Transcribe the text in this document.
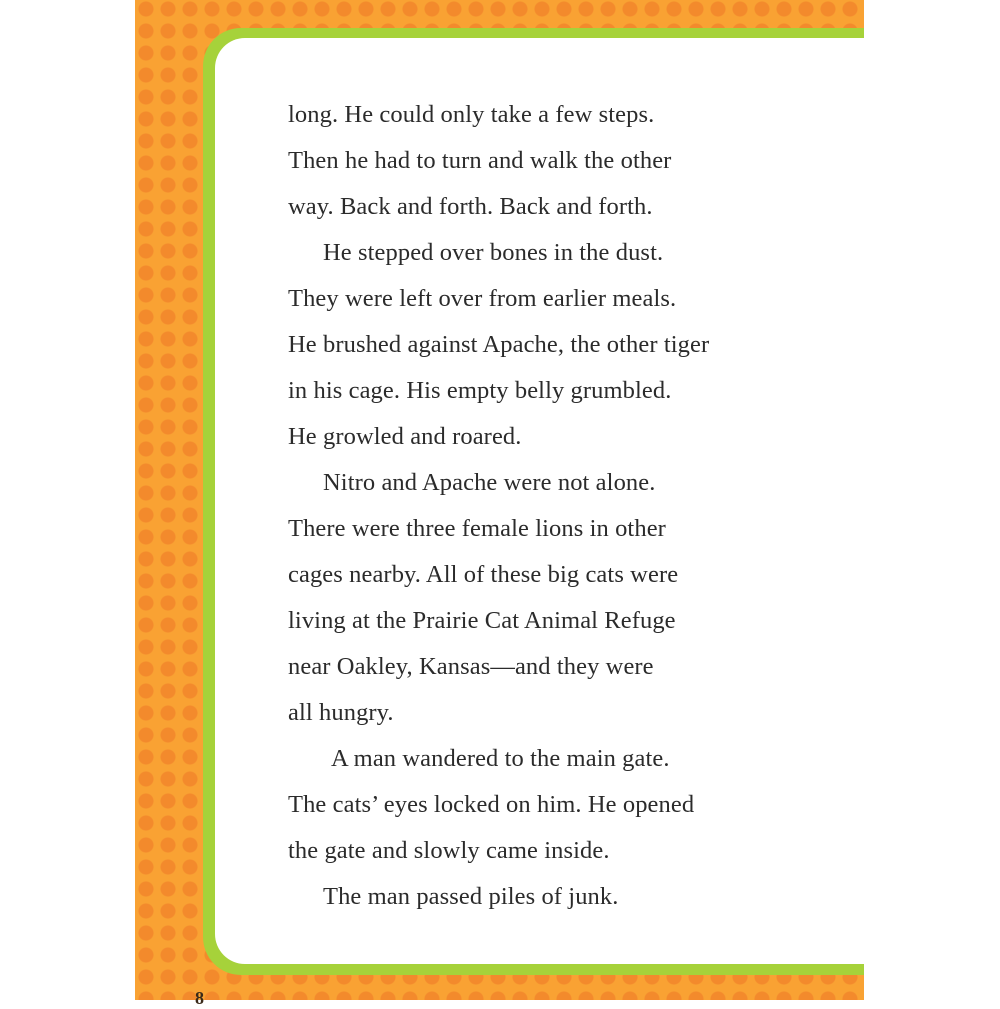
long. He could only take a few steps.
Then he had to turn and walk the other
way. Back and forth. Back and forth.
He stepped over bones in the dust.
They were left over from earlier meals.
He brushed against Apache, the other tiger
in his cage. His empty belly grumbled.
He growled and roared.
Nitro and Apache were not alone.
There were three female lions in other
cages nearby. All of these big cats were
living at the Prairie Cat Animal Refuge
near Oakley, Kansas—and they were
all hungry.
A man wandered to the main gate.
The cats’ eyes locked on him. He opened
the gate and slowly came inside.
The man passed piles of junk.
8
